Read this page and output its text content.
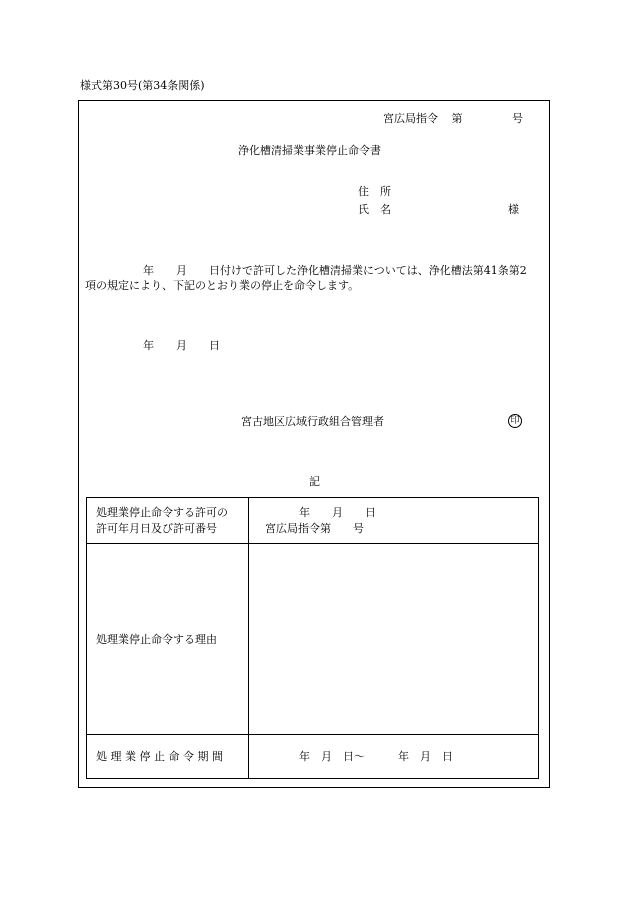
様式第30号(第34条関係)
宮広局指令 第	号
浄化槽清掃業事業停止命令書
住　所
氏　名	様
年　　月　　日付けで許可した浄化槽清掃業については、浄化槽法第41条第2
項の規定により、下記のとおり業の停止を命令します。
年　　月　　日
宮古地区広域行政組合管理者	印
記
処理業停止命令する許可の
許可年月日及び許可番号	年　　月　　日
宮広局指令第　　号

処理業停止命令する理由	
処 理 業 停 止 命 令 期 間	年　月　日〜　　　年　月　日
